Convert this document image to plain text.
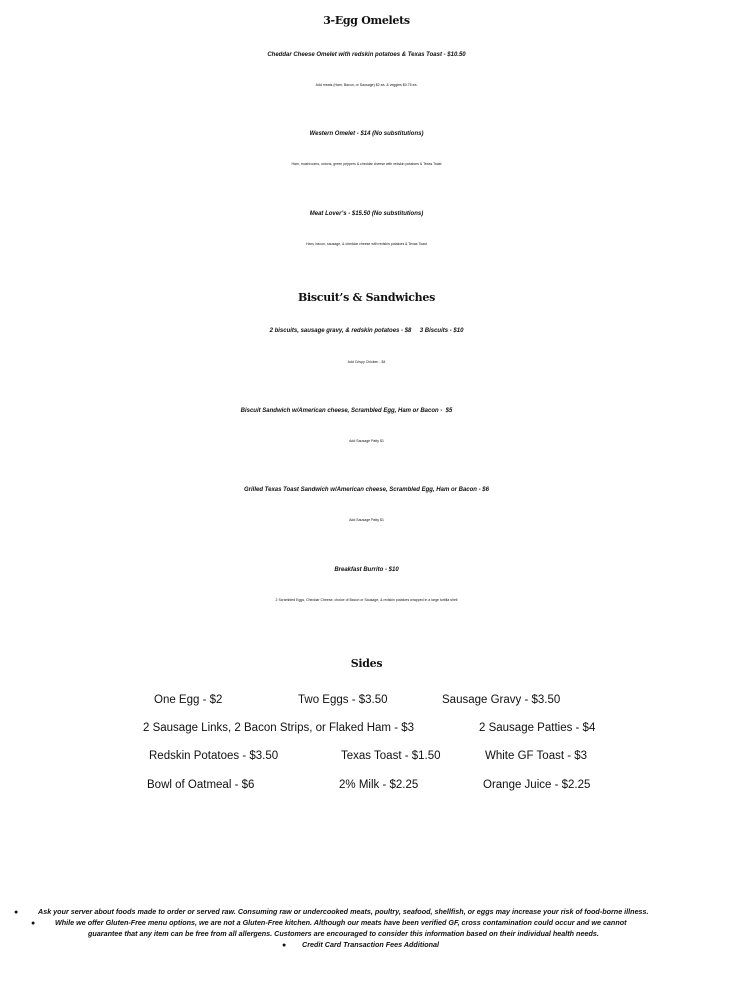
3-Egg Omelets
Cheddar Cheese Omelet with redskin potatoes & Texas Toast - $10.50
Add meats (Ham, Bacon, or Sausage) $2 ea. & veggies $0.75 ea.
Western Omelet - $14 (No substitutions)
Ham, mushrooms, onions, green peppers & cheddar cheese with redskin potatoes & Texas Toast
Meat Lover’s - $15.50 (No substitutions)
Ham, bacon, sausage, & cheddar cheese with redskin potatoes & Texas Toast
Biscuit’s & Sandwiches
2 biscuits, sausage gravy, & redskin potatoes - $8     3 Biscuits - $10
Add Crispy Chicken - $4
Biscuit Sandwich w/American cheese, Scrambled Egg, Ham or Bacon -  $5
Add Sausage Patty $1
Grilled Texas Toast Sandwich w/American cheese, Scrambled Egg, Ham or Bacon - $6
Add Sausage Patty $1
Breakfast Burrito - $10
2 Scrambled Eggs, Cheddar Cheese, choice of Bacon or Sausage, & redskin potatoes wrapped in a large tortilla shell
Sides
One Egg - $2	Two Eggs - $3.50	Sausage Gravy - $3.50
2 Sausage Links, 2 Bacon Strips, or Flaked Ham - $3	2 Sausage Patties - $4
Redskin Potatoes - $3.50	Texas Toast - $1.50	White GF Toast - $3
Bowl of Oatmeal - $6	2% Milk - $2.25	Orange Juice - $2.25
●	Ask your server about foods made to order or served raw. Consuming raw or undercooked meats, poultry, seafood, shellfish, or eggs may increase your risk of food-borne illness.
●	While we offer Gluten-Free menu options, we are not a Gluten-Free kitchen. Although our meats have been verified GF, cross contamination could occur and we cannot
guarantee that any item can be free from all allergens. Customers are encouraged to consider this information based on their individual health needs.
● Credit Card Transaction Fees Additional
